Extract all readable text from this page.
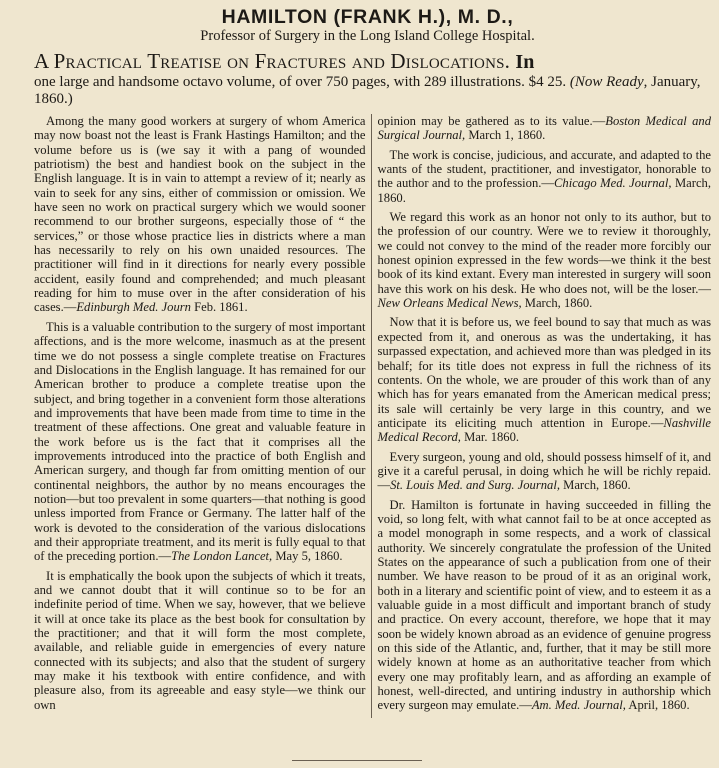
HAMILTON (FRANK H.), M. D.,
Professor of Surgery in the Long Island College Hospital.
A Practical Treatise on Fractures and Dislocations. In
one large and handsome octavo volume, of over 750 pages, with 289 illustrations. $4 25. (Now Ready, January, 1860.)

Among the many good workers at surgery of whom America may now boast not the least is Frank Hastings Hamilton; and the volume before us is (we say it with a pang of wounded patriotism) the best and handiest book on the subject in the English language. It is in vain to attempt a review of it; nearly as vain to seek for any sins, either of commission or omission. We have seen no work on practical surgery which we would sooner recommend to our brother surgeons, especially those of “ the services,” or those whose practice lies in districts where a man has necessarily to rely on his own unaided resources. The practitioner will find in it directions for nearly every possible accident, easily found and comprehended; and much pleasant reading for him to muse over in the after consideration of his cases.—Edinburgh Med. Journ Feb. 1861.

This is a valuable contribution to the surgery of most important affections, and is the more welcome, inasmuch as at the present time we do not possess a single complete treatise on Fractures and Dislocations in the English language. It has remained for our American brother to produce a complete treatise upon the subject, and bring together in a convenient form those alterations and improvements that have been made from time to time in the treatment of these affections. One great and valuable feature in the work before us is the fact that it comprises all the improvements introduced into the practice of both English and American surgery, and though far from omitting mention of our continental neighbors, the author by no means encourages the notion—but too prevalent in some quarters—that nothing is good unless imported from France or Germany. The latter half of the work is devoted to the consideration of the various dislocations and their appropriate treatment, and its merit is fully equal to that of the preceding portion.—The London Lancet, May 5, 1860.

It is emphatically the book upon the subjects of which it treats, and we cannot doubt that it will continue so to be for an indefinite period of time. When we say, however, that we believe it will at once take its place as the best book for consultation by the practitioner; and that it will form the most complete, available, and reliable guide in emergencies of every nature connected with its subjects; and also that the student of surgery may make it his textbook with entire confidence, and with pleasure also, from its agreeable and easy style—we think our own

opinion may be gathered as to its value.—Boston Medical and Surgical Journal, March 1, 1860.

The work is concise, judicious, and accurate, and adapted to the wants of the student, practitioner, and investigator, honorable to the author and to the profession.—Chicago Med. Journal, March, 1860.

We regard this work as an honor not only to its author, but to the profession of our country. Were we to review it thoroughly, we could not convey to the mind of the reader more forcibly our honest opinion expressed in the few words—we think it the best book of its kind extant. Every man interested in surgery will soon have this work on his desk. He who does not, will be the loser.—New Orleans Medical News, March, 1860.

Now that it is before us, we feel bound to say that much as was expected from it, and onerous as was the undertaking, it has surpassed expectation, and achieved more than was pledged in its behalf; for its title does not express in full the richness of its contents. On the whole, we are prouder of this work than of any which has for years emanated from the American medical press; its sale will certainly be very large in this country, and we anticipate its eliciting much attention in Europe.—Nashville Medical Record, Mar. 1860.

Every surgeon, young and old, should possess himself of it, and give it a careful perusal, in doing which he will be richly repaid.—St. Louis Med. and Surg. Journal, March, 1860.

Dr. Hamilton is fortunate in having succeeded in filling the void, so long felt, with what cannot fail to be at once accepted as a model monograph in some respects, and a work of classical authority. We sincerely congratulate the profession of the United States on the appearance of such a publication from one of their number. We have reason to be proud of it as an original work, both in a literary and scientific point of view, and to esteem it as a valuable guide in a most difficult and important branch of study and practice. On every account, therefore, we hope that it may soon be widely known abroad as an evidence of genuine progress on this side of the Atlantic, and, further, that it may be still more widely known at home as an authoritative teacher from which every one may profitably learn, and as affording an example of honest, well-directed, and untiring industry in authorship which every surgeon may emulate.—Am. Med. Journal, April, 1860.
